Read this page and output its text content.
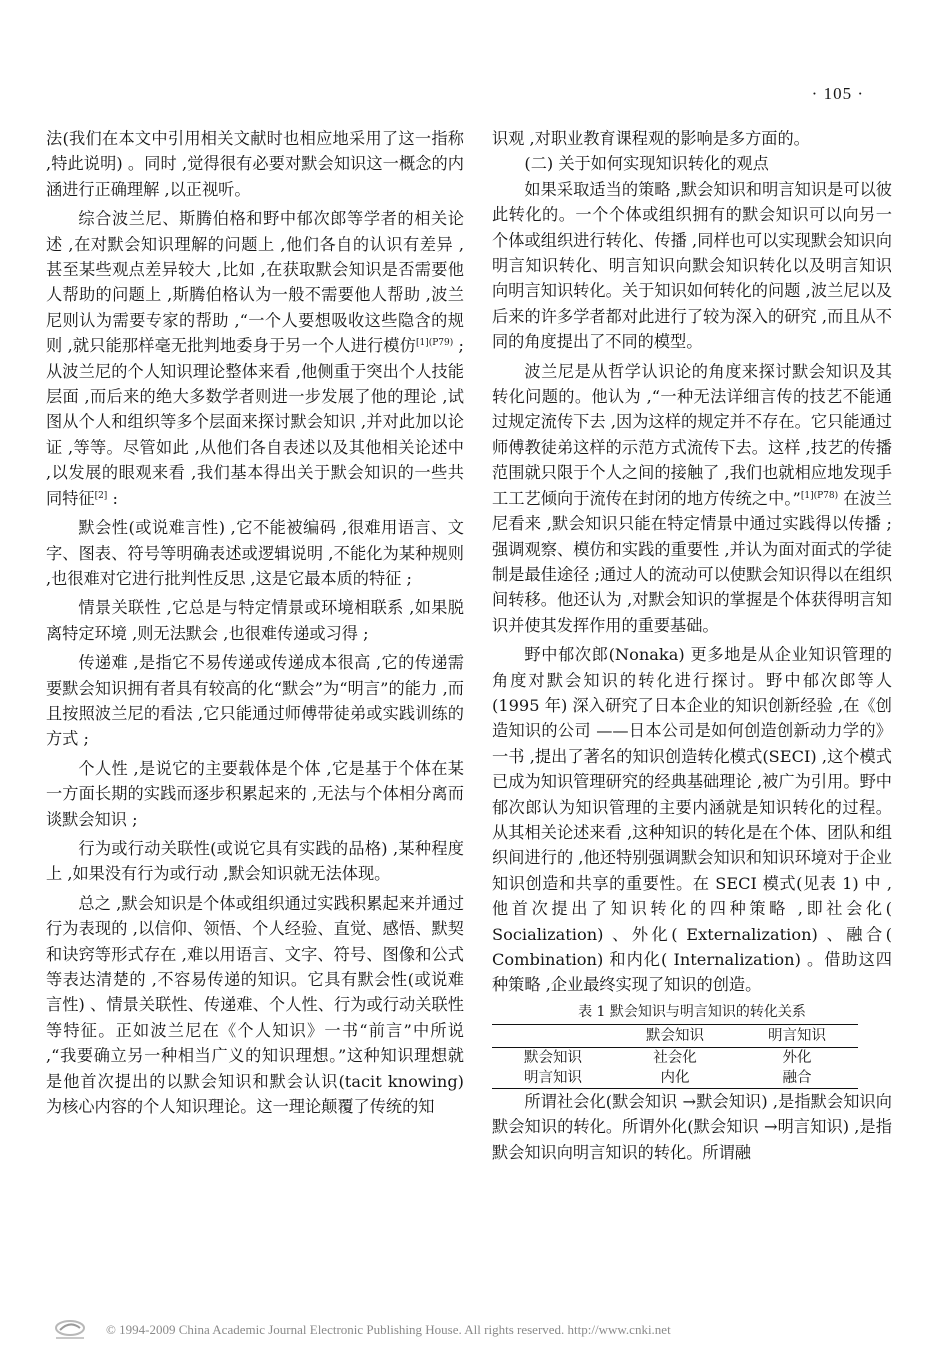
· 105 ·

法(我们在本文中引用相关文献时也相应地采用了这一指称 ,特此说明) 。同时 ,觉得很有必要对默会知识这一概念的内涵进行正确理解 ,以正视听。

综合波兰尼、斯腾伯格和野中郁次郎等学者的相关论述 ,在对默会知识理解的问题上 ,他们各自的认识有差异 ,甚至某些观点差异较大 ,比如 ,在获取默会知识是否需要他人帮助的问题上 ,斯腾伯格认为一般不需要他人帮助 ,波兰尼则认为需要专家的帮助 ,“一个人要想吸收这些隐含的规则 ,就只能那样毫无批判地委身于另一个人进行模仿$^{[1](P79)}$ ;从波兰尼的个人知识理论整体来看 ,他侧重于突出个人技能层面 ,而后来的绝大多数学者则进一步发展了他的理论 ,试图从个人和组织等多个层面来探讨默会知识 ,并对此加以论证 ,等等。尽管如此 ,从他们各自表述以及其他相关论述中 ,以发展的眼观来看 ,我们基本得出关于默会知识的一些共同特征[2] :

默会性(或说难言性) ,它不能被编码 ,很难用语言、文字、图表、符号等明确表述或逻辑说明 ,不能化为某种规则 ,也很难对它进行批判性反思 ,这是它最本质的特征 ;

情景关联性 ,它总是与特定情景或环境相联系 ,如果脱离特定环境 ,则无法默会 ,也很难传递或习得 ;

传递难 ,是指它不易传递或传递成本很高 ,它的传递需要默会知识拥有者具有较高的化“默会”为“明言”的能力 ,而且按照波兰尼的看法 ,它只能通过师傅带徒弟或实践训练的方式 ;

个人性 ,是说它的主要载体是个体 ,它是基于个体在某一方面长期的实践而逐步积累起来的 ,无法与个体相分离而谈默会知识 ;

行为或行动关联性(或说它具有实践的品格) ,某种程度上 ,如果没有行为或行动 ,默会知识就无法体现。

总之 ,默会知识是个体或组织通过实践积累起来并通过行为表现的 ,以信仰、领悟、个人经验、直觉、感悟、默契和诀窍等形式存在 ,难以用语言、文字、符号、图像和公式等表达清楚的 ,不容易传递的知识。它具有默会性(或说难言性) 、情景关联性、传递难、个人性、行为或行动关联性等特征。正如波兰尼在《个人知识》一书“前言”中所说 ,“我要确立另一种相当广义的知识理想。”这种知识理想就是他首次提出的以默会知识和默会认识(tacit knowing) 为核心内容的个人知识理论。这一理论颠覆了传统的知

识观 ,对职业教育课程观的影响是多方面的。

(二) 关于如何实现知识转化的观点

如果采取适当的策略 ,默会知识和明言知识是可以彼此转化的。一个个体或组织拥有的默会知识可以向另一个体或组织进行转化、传播 ,同样也可以实现默会知识向明言知识转化、明言知识向默会知识转化以及明言知识向明言知识转化。关于知识如何转化的问题 ,波兰尼以及后来的许多学者都对此进行了较为深入的研究 ,而且从不同的角度提出了不同的模型。

波兰尼是从哲学认识论的角度来探讨默会知识及其转化问题的。他认为 ,“一种无法详细言传的技艺不能通过规定流传下去 ,因为这样的规定并不存在。它只能通过师傅教徒弟这样的示范方式流传下去。这样 ,技艺的传播范围就只限于个人之间的接触了 ,我们也就相应地发现手工工艺倾向于流传在封闭的地方传统之中。”$^{[1](P78)}$ 在波兰尼看来 ,默会知识只能在特定情景中通过实践得以传播 ;强调观察、模仿和实践的重要性 ,并认为面对面式的学徒制是最佳途径 ;通过人的流动可以使默会知识得以在组织间转移。他还认为 ,对默会知识的掌握是个体获得明言知识并使其发挥作用的重要基础。

野中郁次郎(Nonaka) 更多地是从企业知识管理的角度对默会知识的转化进行探讨。野中郁次郎等人(1995 年) 深入研究了日本企业的知识创新经验 ,在《创造知识的公司 ——日本公司是如何创造创新动力学的》一书 ,提出了著名的知识创造转化模式(SECI) ,这个模式已成为知识管理研究的经典基础理论 ,被广为引用。野中郁次郎认为知识管理的主要内涵就是知识转化的过程。从其相关论述来看 ,这种知识的转化是在个体、团队和组织间进行的 ,他还特别强调默会知识和知识环境对于企业知识创造和共享的重要性。在 SECI 模式(见表 1) 中 ,他首次提出了知识转化的四种策略 ,即社会化( Socialization) 、外化( Externalization) 、融合( Combination) 和内化( Internalization) 。借助这四种策略 ,企业最终实现了知识的创造。

表 1 默会知识与明言知识的转化关系
	默会知识	明言知识
默会知识	社会化	外化
明言知识	内化	融合

所谓社会化(默会知识 →默会知识) ,是指默会知识向默会知识的转化。所谓外化(默会知识 →明言知识) ,是指默会知识向明言知识的转化。所谓融

© 1994-2009 China Academic Journal Electronic Publishing House. All rights reserved. http://www.cnki.net
